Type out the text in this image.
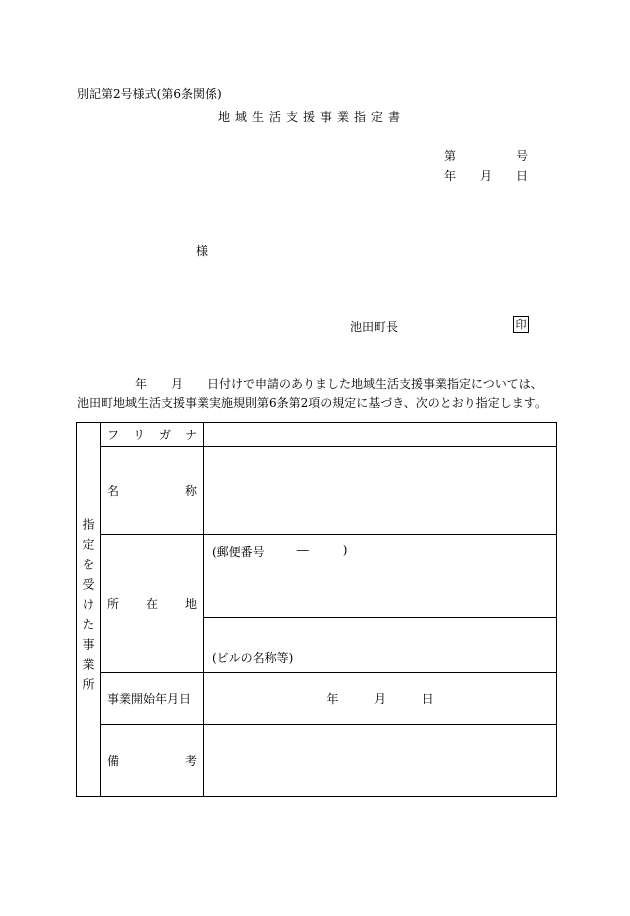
別記第2号様式(第6条関係)
地域生活支援事業指定書
第	号
年 月 日
様
池田町長	印
年 月 日付けで申請のありました地域生活支援事業指定については、池田町地域生活支援事業実施規則第6条第2項の規定に基づき、次のとおり指定します。
指定を受けた事業所	フ リ ガ ナ	

	名 称	

	所 在 地	(郵便番号 ― )

		(ビルの名称等)

	事業開始年月日	年 月 日

	備 考	
